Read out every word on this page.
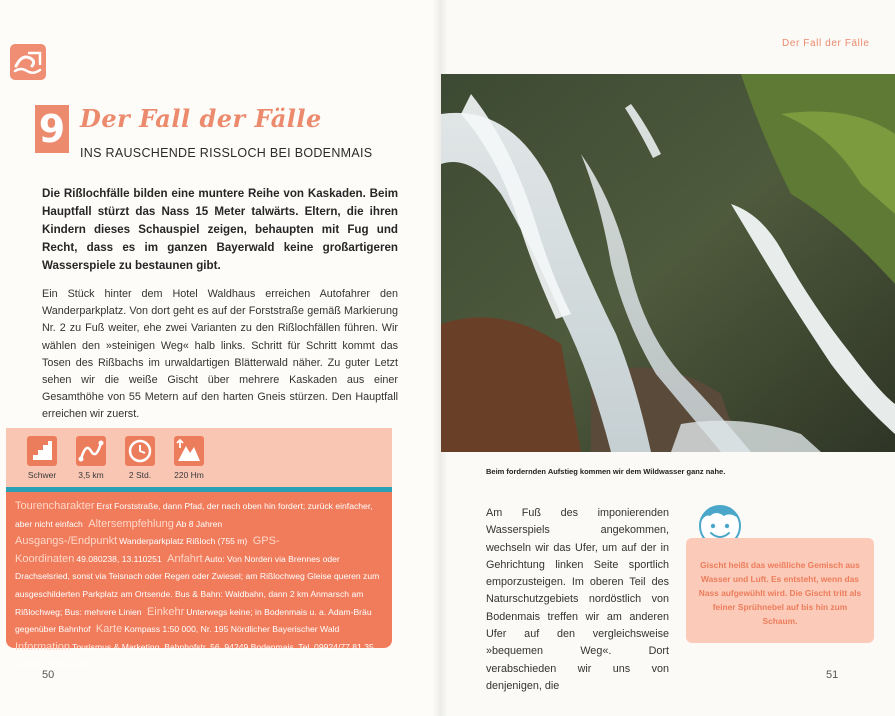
9 Der Fall der Fälle
INS RAUSCHENDE RISSLOCH BEI BODENMAIS

Die Rißlochfälle bilden eine muntere Reihe von Kaskaden. Beim Hauptfall stürzt das Nass 15 Meter talwärts. Eltern, die ihren Kindern dieses Schauspiel zeigen, behaupten mit Fug und Recht, dass es im ganzen Bayerwald keine großartigeren Wasserspiele zu bestaunen gibt.

Ein Stück hinter dem Hotel Waldhaus erreichen Autofahrer den Wanderparkplatz. Von dort geht es auf der Forststraße gemäß Markierung Nr. 2 zu Fuß weiter, ehe zwei Varianten zu den Rißlochfällen führen. Wir wählen den »steinigen Weg« halb links. Schritt für Schritt kommt das Tosen des Rißbachs im urwaldartigen Blätterwald näher. Zu guter Letzt sehen wir die weiße Gischt über mehrere Kaskaden aus einer Gesamthöhe von 55 Metern auf den harten Gneis stürzen. Den Hauptfall erreichen wir zuerst.

Schwer	3,5 km	2 Std.	220 Hm
Tourencharakter Erst Forststraße, dann Pfad, der nach oben hin fordert; zurück einfacher, aber nicht einfach Altersempfehlung Ab 8 Jahren Ausgangs-/Endpunkt Wanderparkplatz Rißloch (755 m) GPS-Koordinaten 49.080238, 13.110251 Anfahrt Auto: Von Norden via Brennes oder Drachselsried, sonst via Teisnach oder Regen oder Zwiesel; am Rißlochweg Gleise queren zum ausgeschilderten Parkplatz am Ortsende. Bus & Bahn: Waldbahn, dann 2 km Anmarsch am Rißlochweg; Bus: mehrere Linien Einkehr Unterwegs keine; in Bodenmais u. a. Adam-Bräu gegenüber Bahnhof Karte Kompass 1:50 000, Nr. 195 Nördlicher Bayerischer Wald Information Tourismus & Marketing, Bahnhofstr. 56, 94249 Bodenmais, Tel. 09924/77 81 35, www.bodenmais.de
50
Der Fall der Fälle
Beim fordernden Aufstieg kommen wir dem Wildwasser ganz nahe.

Am Fuß des imponierenden Wasserspiels angekommen, wechseln wir das Ufer, um auf der in Gehrichtung linken Seite sportlich emporzusteigen. Im oberen Teil des Naturschutzgebiets nordöstlich von Bodenmais treffen wir am anderen Ufer auf den vergleichsweise »bequemen Weg«. Dort verabschieden wir uns von denjenigen, die

Gischt heißt das weißliche Gemisch aus Wasser und Luft. Es entsteht, wenn das Nass aufgewühlt wird. Die Gischt tritt als feiner Sprühnebel auf bis hin zum Schaum.
51
